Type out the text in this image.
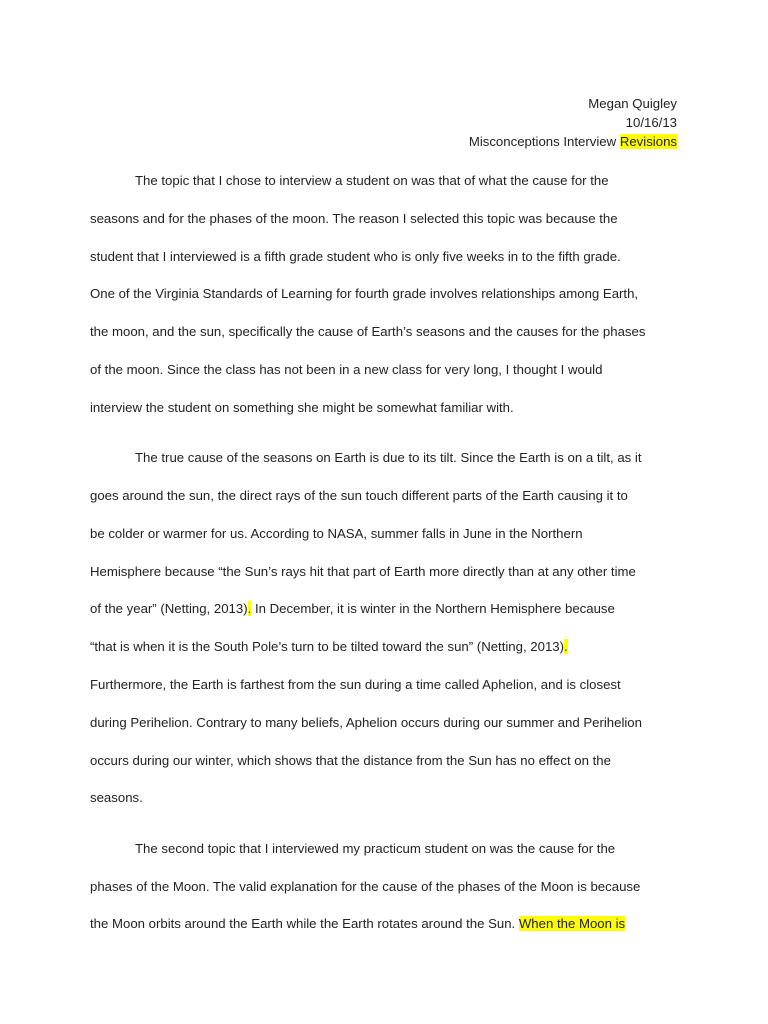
Megan Quigley
10/16/13
Misconceptions Interview Revisions
The topic that I chose to interview a student on was that of what the cause for the
seasons and for the phases of the moon. The reason I selected this topic was because the
student that I interviewed is a fifth grade student who is only five weeks in to the fifth grade.
One of the Virginia Standards of Learning for fourth grade involves relationships among Earth,
the moon, and the sun, specifically the cause of Earth’s seasons and the causes for the phases
of the moon. Since the class has not been in a new class for very long, I thought I would
interview the student on something she might be somewhat familiar with.
The true cause of the seasons on Earth is due to its tilt. Since the Earth is on a tilt, as it
goes around the sun, the direct rays of the sun touch different parts of the Earth causing it to
be colder or warmer for us. According to NASA, summer falls in June in the Northern
Hemisphere because “the Sun’s rays hit that part of Earth more directly than at any other time
of the year” (Netting, 2013). In December, it is winter in the Northern Hemisphere because
“that is when it is the South Pole’s turn to be tilted toward the sun” (Netting, 2013).
Furthermore, the Earth is farthest from the sun during a time called Aphelion, and is closest
during Perihelion. Contrary to many beliefs, Aphelion occurs during our summer and Perihelion
occurs during our winter, which shows that the distance from the Sun has no effect on the
seasons.
The second topic that I interviewed my practicum student on was the cause for the
phases of the Moon. The valid explanation for the cause of the phases of the Moon is because
the Moon orbits around the Earth while the Earth rotates around the Sun. When the Moon is
